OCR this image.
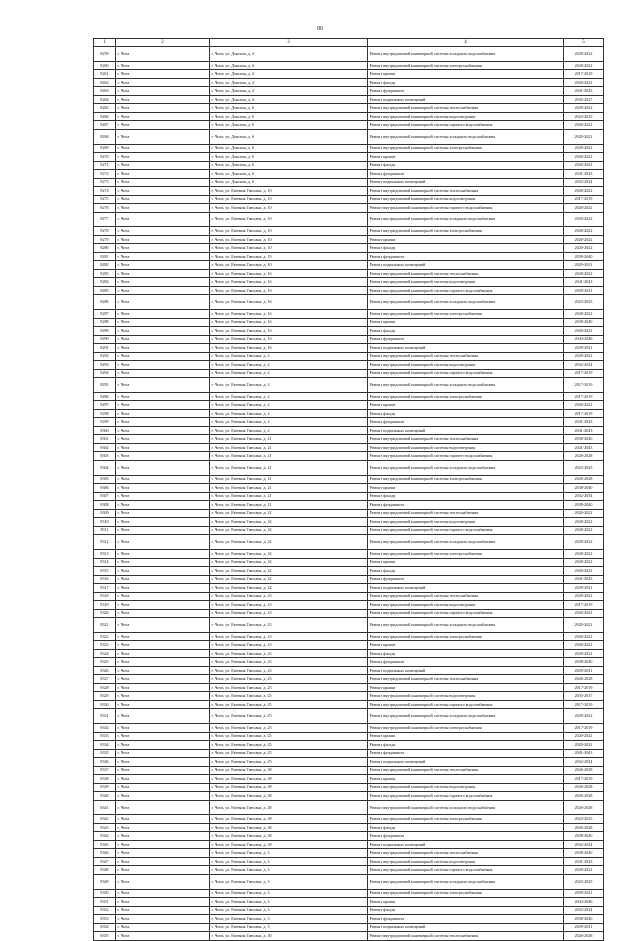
96
1	2	3	4	5
8259	г. Чита	г. Чита, ул. Донская, д. 4	Ремонт внутридомовой инженерной системы холодного водоснабжения	2020-2022
8260	г. Чита	г. Чита, ул. Донская, д. 4	Ремонт внутридомовой инженерной системы электроснабжения	2020-2022
8261	г. Чита	г. Чита, ул. Донская, д. 4	Ремонт крыши	2017-2019
8262	г. Чита	г. Чита, ул. Донская, д. 4	Ремонт фасада	2020-2022
8263	г. Чита	г. Чита, ул. Донская, д. 4	Ремонт фундамента	2041-2043
8264	г. Чита	г. Чита, ул. Донская, д. 4	Ремонт подвальных помещений	2035-2037
8265	г. Чита	г. Чита, ул. Донская, д. 6	Ремонт внутридомовой инженерной системы теплоснабжения	2020-2022
8266	г. Чита	г. Чита, ул. Донская, д. 6	Ремонт внутридомовой инженерной системы водоотведения	2023-2025
8267	г. Чита	г. Чита, ул. Донская, д. 6	Ремонт внутридомовой инженерной системы горячего водоснабжения	2020-2022
8268	г. Чита	г. Чита, ул. Донская, д. 6	Ремонт внутридомовой инженерной системы холодного водоснабжения	2020-2022
8269	г. Чита	г. Чита, ул. Донская, д. 6	Ремонт внутридомовой инженерной системы электроснабжения	2020-2022
8270	г. Чита	г. Чита, ул. Донская, д. 6	Ремонт крыши	2020-2022
8271	г. Чита	г. Чита, ул. Донская, д. 6	Ремонт фасада	2020-2022
8272	г. Чита	г. Чита, ул. Донская, д. 6	Ремонт фундамента	2041-2043
8273	г. Чита	г. Чита, ул. Донская, д. 6	Ремонт подвальных помещений	2032-2034
8274	г. Чита	г. Чита, ул. Евгения Гаюсана, д. 10	Ремонт внутридомовой инженерной системы теплоснабжения	2020-2022
8275	г. Чита	г. Чита, ул. Евгения Гаюсана, д. 10	Ремонт внутридомовой инженерной системы водоотведения	2017-2019
8276	г. Чита	г. Чита, ул. Евгения Гаюсана, д. 10	Ремонт внутридомовой инженерной системы горячего водоснабжения	2020-2022
8277	г. Чита	г. Чита, ул. Евгения Гаюсана, д. 10	Ремонт внутридомовой инженерной системы холодного водоснабжения	2020-2022
8278	г. Чита	г. Чита, ул. Евгения Гаюсана, д. 10	Ремонт внутридомовой инженерной системы электроснабжения	2020-2022
8279	г. Чита	г. Чита, ул. Евгения Гаюсана, д. 10	Ремонт крыши	2020-2022
8280	г. Чита	г. Чита, ул. Евгения Гаюсана, д. 10	Ремонт фасада	2020-2022
8281	г. Чита	г. Чита, ул. Евгения Гаюсана, д. 10	Ремонт фундамента	2038-2040
8282	г. Чита	г. Чита, ул. Евгения Гаюсана, д. 10	Ремонт подвальных помещений	2029-2031
8283	г. Чита	г. Чита, ул. Евгения Гаюсана, д. 16	Ремонт внутридомовой инженерной системы теплоснабжения	2020-2022
8284	г. Чита	г. Чита, ул. Евгения Гаюсана, д. 16	Ремонт внутридомовой инженерной системы водоотведения	2041-2043
8285	г. Чита	г. Чита, ул. Евгения Гаюсана, д. 16	Ремонт внутридомовой инженерной системы горячего водоснабжения	2029-2031
8286	г. Чита	г. Чита, ул. Евгения Гаюсана, д. 16	Ремонт внутридомовой инженерной системы холодного водоснабжения	2023-2025
8287	г. Чита	г. Чита, ул. Евгения Гаюсана, д. 16	Ремонт внутридомовой инженерной системы электроснабжения	2020-2022
8288	г. Чита	г. Чита, ул. Евгения Гаюсана, д. 16	Ремонт крыши	2038-2040
8289	г. Чита	г. Чита, ул. Евгения Гаюсана, д. 16	Ремонт фасада	2020-2022
8290	г. Чита	г. Чита, ул. Евгения Гаюсана, д. 16	Ремонт фундамента	2044-2046
8291	г. Чита	г. Чита, ул. Евгения Гаюсана, д. 16	Ремонт подвальных помещений	2029-2031
8292	г. Чита	г. Чита, ул. Евгения Гаюсана, д. 2	Ремонт внутридомовой инженерной системы теплоснабжения	2020-2022
8293	г. Чита	г. Чита, ул. Евгения Гаюсана, д. 2	Ремонт внутридомовой инженерной системы водоотведения	2032-2034
8294	г. Чита	г. Чита, ул. Евгения Гаюсана, д. 2	Ремонт внутридомовой инженерной системы горячего водоснабжения	2017-2019
8295	г. Чита	г. Чита, ул. Евгения Гаюсана, д. 2	Ремонт внутридомовой инженерной системы холодного водоснабжения	2017-2019
8296	г. Чита	г. Чита, ул. Евгения Гаюсана, д. 2	Ремонт внутридомовой инженерной системы электроснабжения	2017-2019
8297	г. Чита	г. Чита, ул. Евгения Гаюсана, д. 2	Ремонт крыши	2020-2022
8298	г. Чита	г. Чита, ул. Евгения Гаюсана, д. 2	Ремонт фасада	2017-2019
8299	г. Чита	г. Чита, ул. Евгения Гаюсана, д. 2	Ремонт фундамента	2041-2043
8300	г. Чита	г. Чита, ул. Евгения Гаюсана, д. 2	Ремонт подвальных помещений	2041-2043
8301	г. Чита	г. Чита, ул. Евгения Гаюсана, д. 21	Ремонт внутридомовой инженерной системы теплоснабжения	2038-2040
8302	г. Чита	г. Чита, ул. Евгения Гаюсана, д. 21	Ремонт внутридомовой инженерной системы водоотведения	2041-2043
8303	г. Чита	г. Чита, ул. Евгения Гаюсана, д. 21	Ремонт внутридомовой инженерной системы горячего водоснабжения	2026-2028
8304	г. Чита	г. Чита, ул. Евгения Гаюсана, д. 21	Ремонт внутридомовой инженерной системы холодного водоснабжения	2023-2025
8305	г. Чита	г. Чита, ул. Евгения Гаюсана, д. 21	Ремонт внутридомовой инженерной системы электроснабжения	2026-2028
8306	г. Чита	г. Чита, ул. Евгения Гаюсана, д. 21	Ремонт крыши	2038-2040
8307	г. Чита	г. Чита, ул. Евгения Гаюсана, д. 21	Ремонт фасада	2032-2034
8308	г. Чита	г. Чита, ул. Евгения Гаюсана, д. 21	Ремонт фундамента	2038-2040
8309	г. Чита	г. Чита, ул. Евгения Гаюсана, д. 22	Ремонт внутридомовой инженерной системы теплоснабжения	2020-2022
8310	г. Чита	г. Чита, ул. Евгения Гаюсана, д. 22	Ремонт внутридомовой инженерной системы водоотведения	2020-2022
8311	г. Чита	г. Чита, ул. Евгения Гаюсана, д. 22	Ремонт внутридомовой инженерной системы горячего водоснабжения	2020-2022
8312	г. Чита	г. Чита, ул. Евгения Гаюсана, д. 22	Ремонт внутридомовой инженерной системы холодного водоснабжения	2020-2022
8313	г. Чита	г. Чита, ул. Евгения Гаюсана, д. 22	Ремонт внутридомовой инженерной системы электроснабжения	2020-2022
8314	г. Чита	г. Чита, ул. Евгения Гаюсана, д. 22	Ремонт крыши	2020-2022
8315	г. Чита	г. Чита, ул. Евгения Гаюсана, д. 22	Ремонт фасада	2020-2022
8316	г. Чита	г. Чита, ул. Евгения Гаюсана, д. 22	Ремонт фундамента	2041-2043
8317	г. Чита	г. Чита, ул. Евгения Гаюсана, д. 22	Ремонт подвальных помещений	2029-2031
8318	г. Чита	г. Чита, ул. Евгения Гаюсана, д. 23	Ремонт внутридомовой инженерной системы теплоснабжения	2020-2022
8319	г. Чита	г. Чита, ул. Евгения Гаюсана, д. 23	Ремонт внутридомовой инженерной системы водоотведения	2017-2019
8320	г. Чита	г. Чита, ул. Евгения Гаюсана, д. 23	Ремонт внутридомовой инженерной системы горячего водоснабжения	2020-2022
8321	г. Чита	г. Чита, ул. Евгения Гаюсана, д. 23	Ремонт внутридомовой инженерной системы холодного водоснабжения	2020-2022
8322	г. Чита	г. Чита, ул. Евгения Гаюсана, д. 23	Ремонт внутридомовой инженерной системы электроснабжения	2020-2022
8323	г. Чита	г. Чита, ул. Евгения Гаюсана, д. 23	Ремонт крыши	2020-2022
8324	г. Чита	г. Чита, ул. Евгения Гаюсана, д. 23	Ремонт фасада	2020-2022
8325	г. Чита	г. Чита, ул. Евгения Гаюсана, д. 23	Ремонт фундамента	2038-2040
8326	г. Чита	г. Чита, ул. Евгения Гаюсана, д. 23	Ремонт подвальных помещений	2029-2031
8327	г. Чита	г. Чита, ул. Евгения Гаюсана, д. 25	Ремонт внутридомовой инженерной системы теплоснабжения	2026-2028
8328	г. Чита	г. Чита, ул. Евгения Гаюсана, д. 25	Ремонт крыши	2017-2019
8329	г. Чита	г. Чита, ул. Евгения Гаюсана, д. 25	Ремонт внутридомовой инженерной системы водоотведения	2035-2037
8330	г. Чита	г. Чита, ул. Евгения Гаюсана, д. 25	Ремонт внутридомовой инженерной системы горячего водоснабжения	2017-2019
8331	г. Чита	г. Чита, ул. Евгения Гаюсана, д. 25	Ремонт внутридомовой инженерной системы холодного водоснабжения	2020-2022
8332	г. Чита	г. Чита, ул. Евгения Гаюсана, д. 25	Ремонт внутридомовой инженерной системы электроснабжения	2017-2019
8333	г. Чита	г. Чита, ул. Евгения Гаюсана, д. 25	Ремонт крыши	2020-2022
8334	г. Чита	г. Чита, ул. Евгения Гаюсана, д. 25	Ремонт фасада	2020-2022
8335	г. Чита	г. Чита, ул. Евгения Гаюсана, д. 25	Ремонт фундамента	2041-2043
8336	г. Чита	г. Чита, ул. Евгения Гаюсана, д. 25	Ремонт подвальных помещений	2032-2034
8337	г. Чита	г. Чита, ул. Евгения Гаюсана, д. 28	Ремонт внутридомовой инженерной системы теплоснабжения	2026-2028
8338	г. Чита	г. Чита, ул. Евгения Гаюсана, д. 28	Ремонт крыши	2017-2019
8339	г. Чита	г. Чита, ул. Евгения Гаюсана, д. 28	Ремонт внутридомовой инженерной системы водоотведения	2026-2028
8340	г. Чита	г. Чита, ул. Евгения Гаюсана, д. 28	Ремонт внутридомовой инженерной системы горячего водоснабжения	2026-2028
8341	г. Чита	г. Чита, ул. Евгения Гаюсана, д. 28	Ремонт внутридомовой инженерной системы холодного водоснабжения	2026-2028
8342	г. Чита	г. Чита, ул. Евгения Гаюсана, д. 28	Ремонт внутридомовой инженерной системы электроснабжения	2023-2025
8343	г. Чита	г. Чита, ул. Евгения Гаюсана, д. 28	Ремонт фасада	2026-2028
8344	г. Чита	г. Чита, ул. Евгения Гаюсана, д. 28	Ремонт фундамента	2038-2040
8345	г. Чита	г. Чита, ул. Евгения Гаюсана, д. 28	Ремонт подвальных помещений	2032-2034
8346	г. Чита	г. Чита, ул. Евгения Гаюсана, д. 3	Ремонт внутридомовой инженерной системы теплоснабжения	2038-2040
8347	г. Чита	г. Чита, ул. Евгения Гаюсана, д. 3	Ремонт внутридомовой инженерной системы водоотведения	2041-2043
8348	г. Чита	г. Чита, ул. Евгения Гаюсана, д. 3	Ремонт внутридомовой инженерной системы горячего водоснабжения	2020-2022
8349	г. Чита	г. Чита, ул. Евгения Гаюсана, д. 3	Ремонт внутридомовой инженерной системы холодного водоснабжения	2023-2025
8350	г. Чита	г. Чита, ул. Евгения Гаюсана, д. 3	Ремонт внутридомовой инженерной системы электроснабжения	2029-2031
8351	г. Чита	г. Чита, ул. Евгения Гаюсана, д. 3	Ремонт крыши	2044-2046
8352	г. Чита	г. Чита, ул. Евгения Гаюсана, д. 3	Ремонт фасада	2032-2034
8353	г. Чита	г. Чита, ул. Евгения Гаюсана, д. 3	Ремонт фундамента	2038-2040
8354	г. Чита	г. Чита, ул. Евгения Гаюсана, д. 3	Ремонт подвальных помещений	2029-2031
8355	г. Чита	г. Чита, ул. Евгения Гаюсана, д. 30	Ремонт внутридомовой инженерной системы теплоснабжения	2026-2028
